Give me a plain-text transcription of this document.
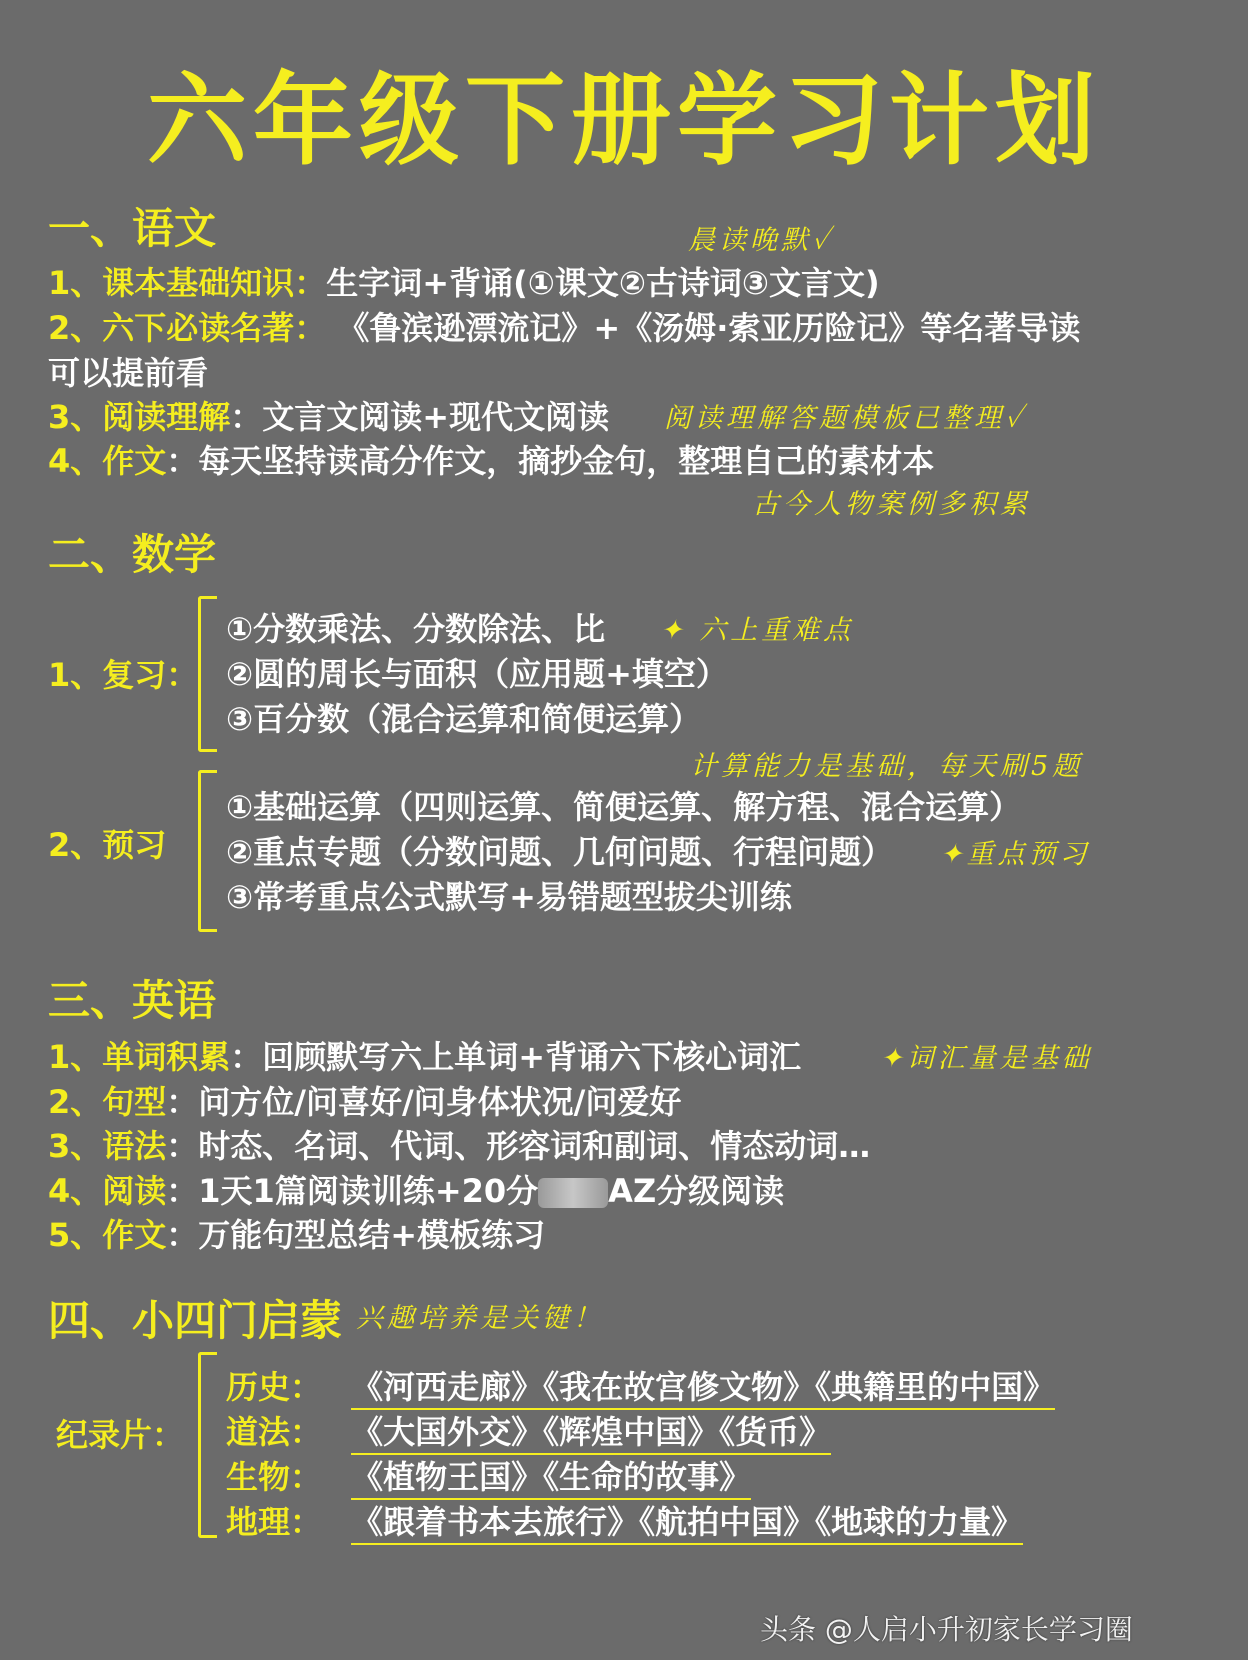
六年级下册学习计划
一、语文	晨读晚默✓
1、课本基础知识：生字词+背诵(①课文②古诗词③文言文)
2、六下必读名著： 《鲁滨逊漂流记》+《汤姆·索亚历险记》等名著导读
可以提前看
3、阅读理解：文言文阅读+现代文阅读 阅读理解答题模板已整理✓
4、作文：每天坚持读高分作文，摘抄金句，整理自己的素材本
古今人物案例多积累
二、数学
1、复习：
①分数乘法、分数除法、比 ✦ 六上重难点
②圆的周长与面积（应用题+填空）
③百分数（混合运算和简便运算）
计算能力是基础，每天刷5题
2、预习
①基础运算（四则运算、简便运算、解方程、混合运算）
②重点专题（分数问题、几何问题、行程问题） ✦重点预习
③常考重点公式默写+易错题型拔尖训练
三、英语
1、单词积累：回顾默写六上单词+背诵六下核心词汇	✦词汇量是基础
2、句型：问方位/问喜好/问身体状况/问爱好
3、语法：时态、名词、代词、形容词和副词、情态动词…
4、阅读：1天1篇阅读训练+20分 AZ分级阅读
5、作文：万能句型总结+模板练习
四、小四门启蒙 兴趣培养是关键！
纪录片：
历史： 《河西走廊》《我在故宫修文物》《典籍里的中国》
道法： 《大国外交》《辉煌中国》《货币》
生物： 《植物王国》《生命的故事》
地理： 《跟着书本去旅行》《航拍中国》《地球的力量》
头条 @人启小升初家长学习圈
